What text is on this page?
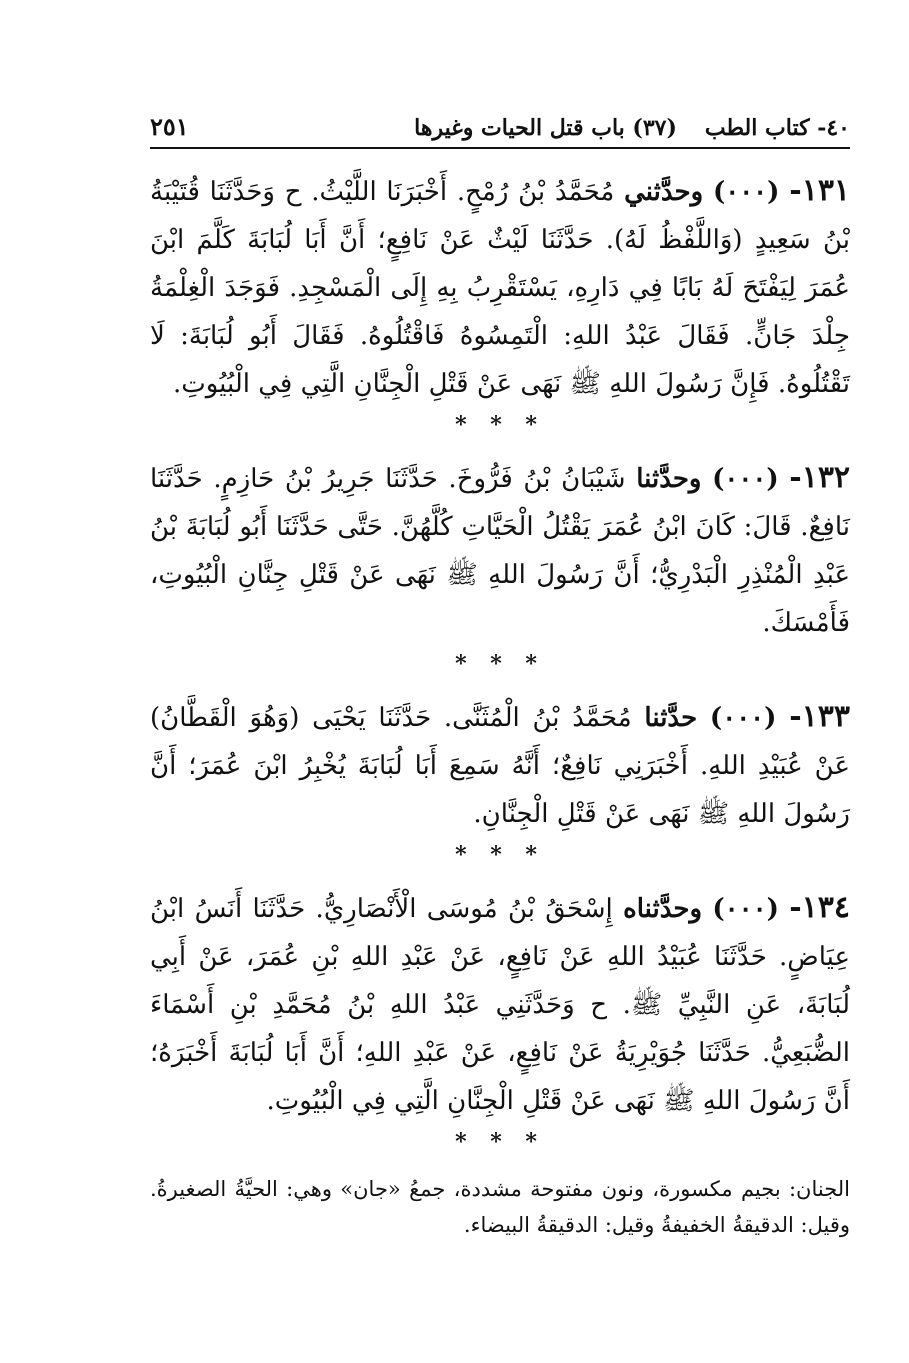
٤٠- كتاب الطب
(٣٧) باب قتل الحيات وغيرها
٢٥١

١٣١- (٠٠٠) وحدَّثني مُحَمَّدُ بْنُ رُمْحٍ. أَخْبَرَنَا اللَّيْثُ. ح وَحَدَّثَنَا قُتَيْبَةُ بْنُ سَعِيدٍ (وَاللَّفْظُ لَهُ). حَدَّثَنَا لَيْثٌ عَنْ نَافِعٍ؛ أَنَّ أَبَا لُبَابَةَ كَلَّمَ ابْنَ عُمَرَ لِيَفْتَحَ لَهُ بَابًا فِي دَارِهِ، يَسْتَقْرِبُ بِهِ إِلَى الْمَسْجِدِ. فَوَجَدَ الْغِلْمَةُ جِلْدَ جَانٍّ. فَقَالَ عَبْدُ اللهِ: الْتَمِسُوهُ فَاقْتُلُوهُ. فَقَالَ أَبُو لُبَابَةَ: لَا تَقْتُلُوهُ. فَإِنَّ رَسُولَ اللهِ ﷺ نَهَى عَنْ قَتْلِ الْجِنَّانِ الَّتِي فِي الْبُيُوتِ.

* * *

١٣٢- (٠٠٠) وحدَّثنا شَيْبَانُ بْنُ فَرُّوخَ. حَدَّثَنَا جَرِيرُ بْنُ حَازِمٍ. حَدَّثَنَا نَافِعٌ. قَالَ: كَانَ ابْنُ عُمَرَ يَقْتُلُ الْحَيَّاتِ كُلَّهُنَّ. حَتَّى حَدَّثَنَا أَبُو لُبَابَةَ بْنُ عَبْدِ الْمُنْذِرِ الْبَدْرِيُّ؛ أَنَّ رَسُولَ اللهِ ﷺ نَهَى عَنْ قَتْلِ جِنَّانِ الْبُيُوتِ، فَأَمْسَكَ.

* * *

١٣٣- (٠٠٠) حدَّثنا مُحَمَّدُ بْنُ الْمُثَنَّى. حَدَّثَنَا يَحْيَى (وَهُوَ الْقَطَّانُ) عَنْ عُبَيْدِ اللهِ. أَخْبَرَنِي نَافِعٌ؛ أَنَّهُ سَمِعَ أَبَا لُبَابَةَ يُخْبِرُ ابْنَ عُمَرَ؛ أَنَّ رَسُولَ اللهِ ﷺ نَهَى عَنْ قَتْلِ الْجِنَّانِ.

* * *

١٣٤- (٠٠٠) وحدَّثناه إِسْحَقُ بْنُ مُوسَى الْأَنْصَارِيُّ. حَدَّثَنَا أَنَسُ ابْنُ عِيَاضٍ. حَدَّثَنَا عُبَيْدُ اللهِ عَنْ نَافِعٍ، عَنْ عَبْدِ اللهِ بْنِ عُمَرَ، عَنْ أَبِي لُبَابَةَ، عَنِ النَّبِيِّ ﷺ. ح وَحَدَّثَنِي عَبْدُ اللهِ بْنُ مُحَمَّدِ بْنِ أَسْمَاءَ الضُّبَعِيُّ. حَدَّثَنَا جُوَيْرِيَةُ عَنْ نَافِعٍ، عَنْ عَبْدِ اللهِ؛ أَنَّ أَبَا لُبَابَةَ أَخْبَرَهُ؛ أَنَّ رَسُولَ اللهِ ﷺ نَهَى عَنْ قَتْلِ الْجِنَّانِ الَّتِي فِي الْبُيُوتِ.

* * *
الجنان: بجيم مكسورة، ونون مفتوحة مشددة، جمعُ «جان» وهي: الحيَّةُ الصغيرةُ. وقيل: الدقيقةُ الخفيفةُ وقيل: الدقيقةُ البيضاء.
